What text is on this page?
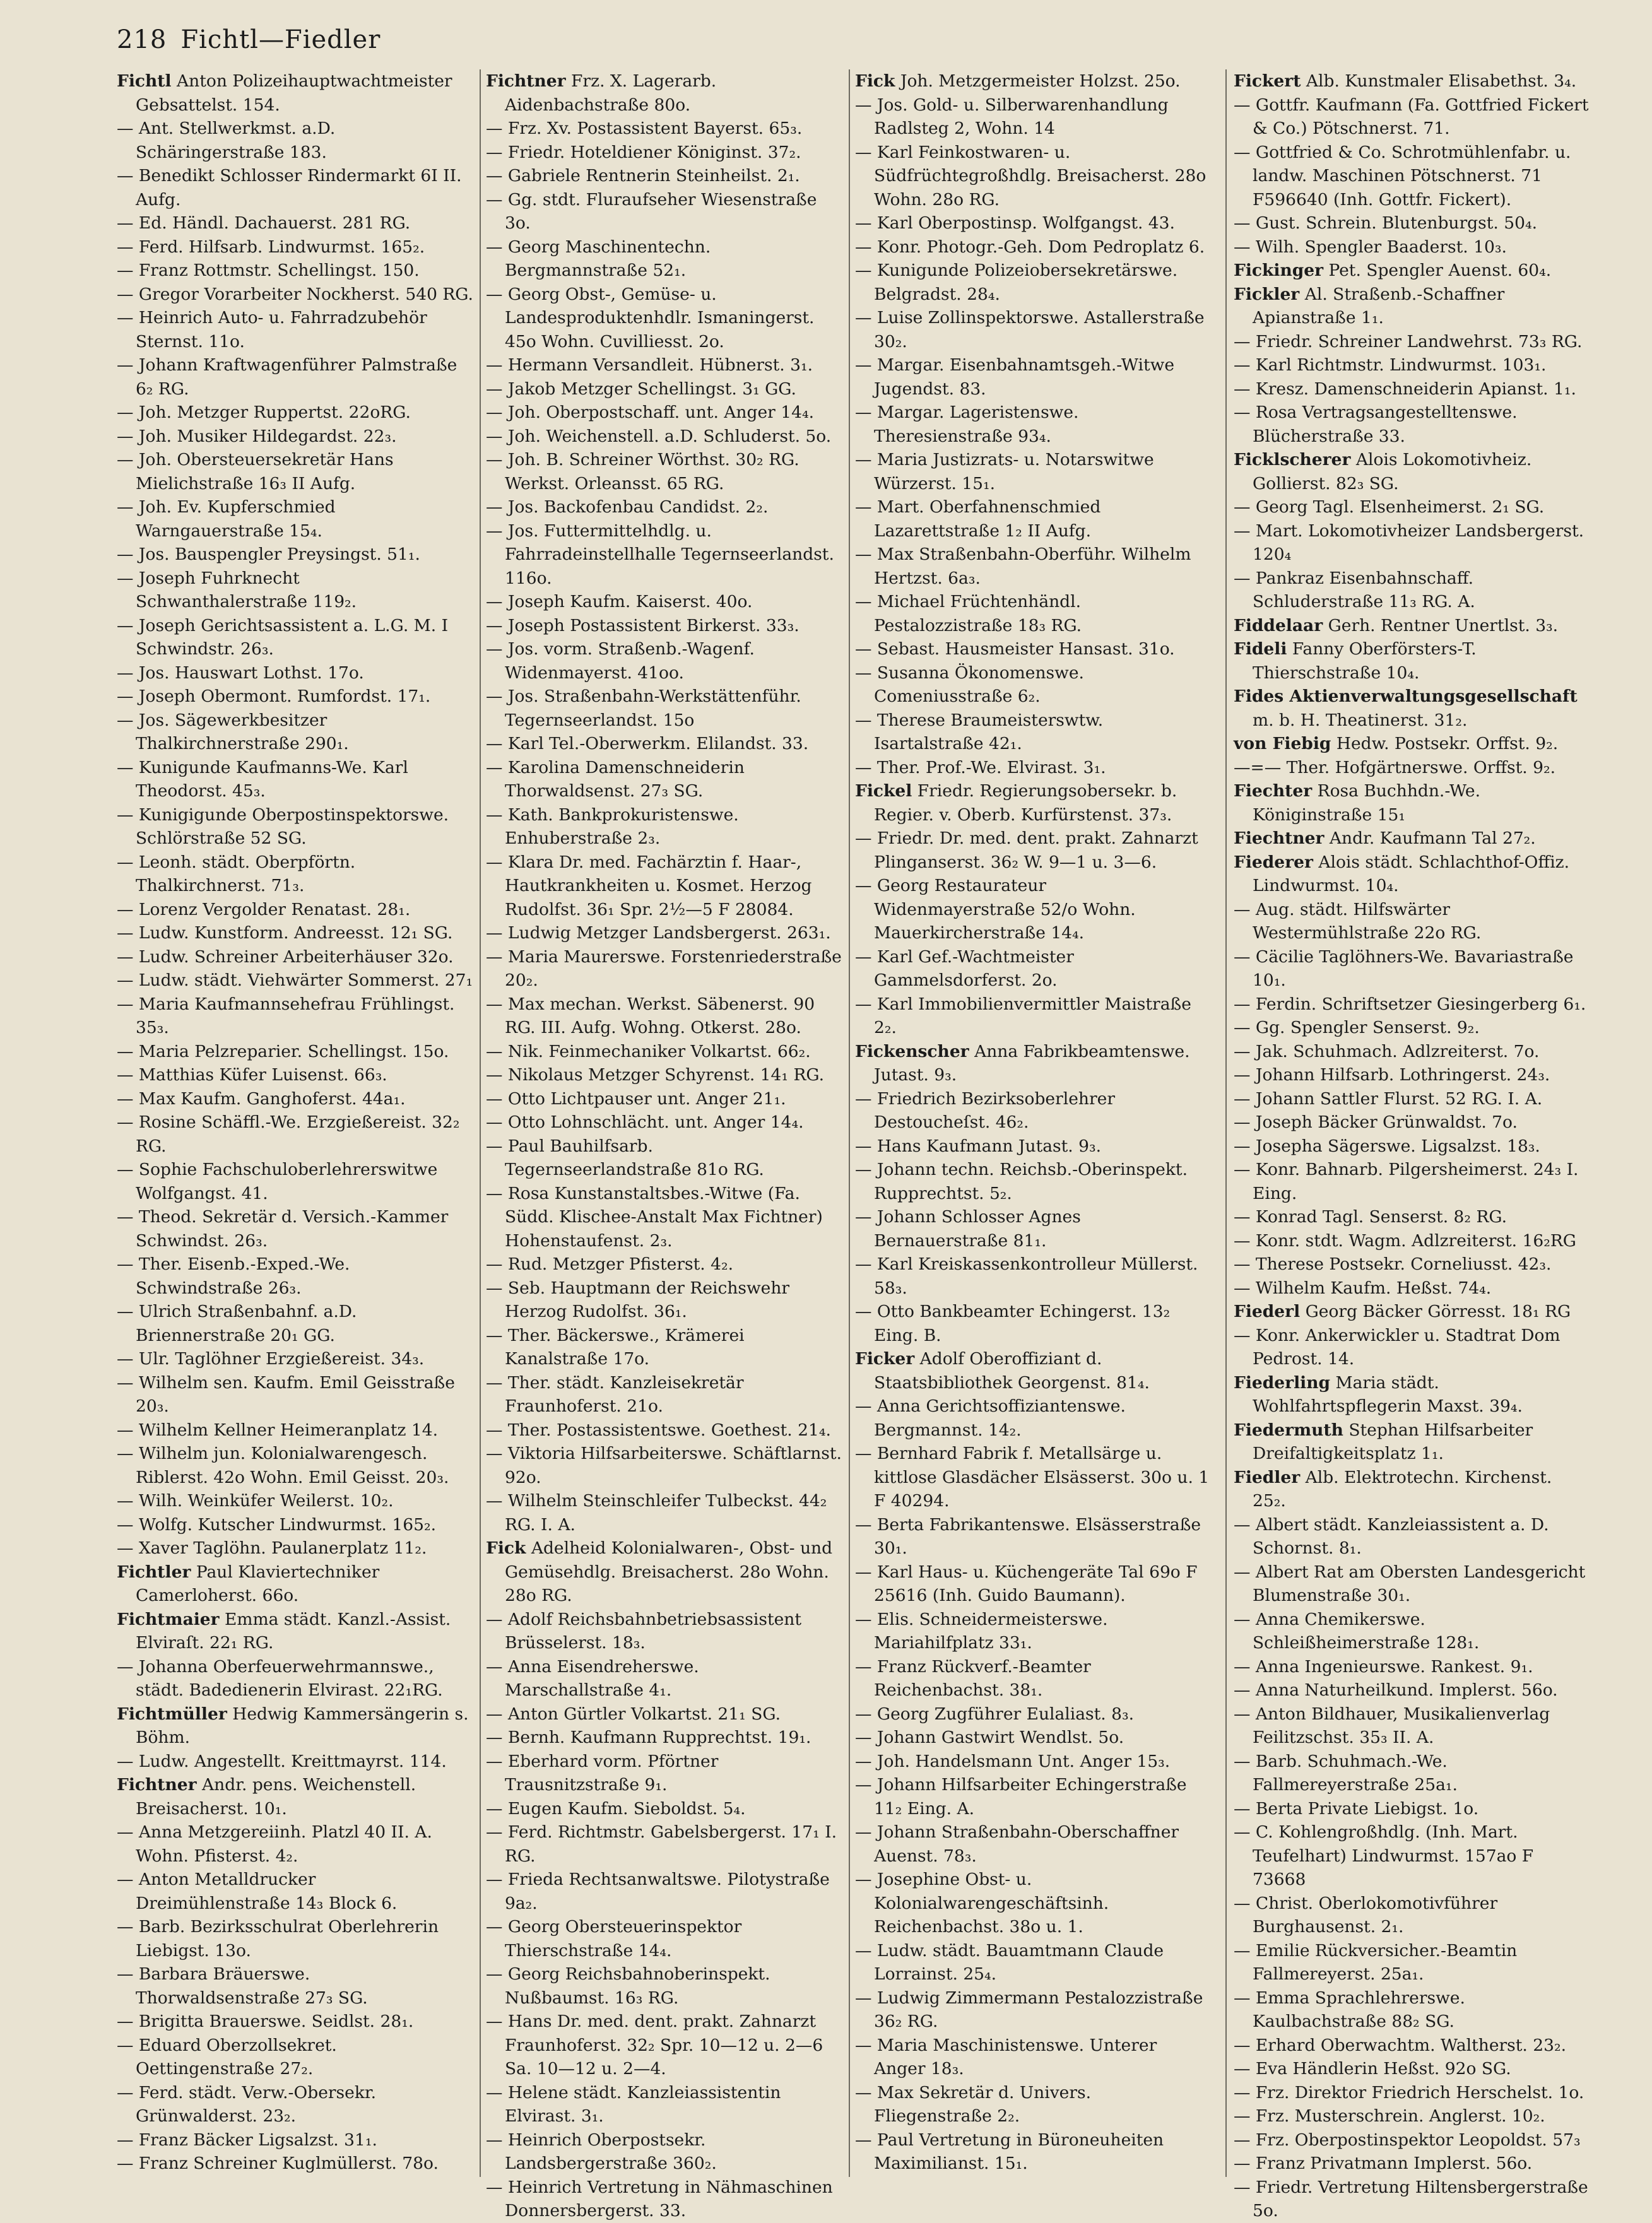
218 Fichtl—Fiedler

Fichtl Anton Polizeihauptwachtmeister Gebsattelst. 154.

— Ant. Stellwerkmst. a.D. Schäringerstraße 183.

— Benedikt Schlosser Rindermarkt 6I II. Aufg.

— Ed. Händl. Dachauerst. 281 RG.

— Ferd. Hilfsarb. Lindwurmst. 165₂.

— Franz Rottmstr. Schellingst. 150.

— Gregor Vorarbeiter Nockherst. 540 RG.

— Heinrich Auto- u. Fahrradzubehör Sternst. 11o.

— Johann Kraftwagenführer Palmstraße 6₂ RG.

— Joh. Metzger Ruppertst. 22oRG.

— Joh. Musiker Hildegardst. 22₃.

— Joh. Obersteuersekretär Hans Mielichstraße 16₃ II Aufg.

— Joh. Ev. Kupferschmied Warngauerstraße 15₄.

— Jos. Bauspengler Preysingst. 51₁.

— Joseph Fuhrknecht Schwanthalerstraße 119₂.

— Joseph Gerichtsassistent a. L.G. M. I Schwindstr. 26₃.

— Jos. Hauswart Lothst. 17o.

— Joseph Obermont. Rumfordst. 17₁.

— Jos. Sägewerkbesitzer Thalkirchnerstraße 290₁.

— Kunigunde Kaufmanns-We. Karl Theodorst. 45₃.

— Kunigigunde Oberpostinspektorswe. Schlörstraße 52 SG.

— Leonh. städt. Oberpförtn. Thalkirchnerst. 71₃.

— Lorenz Vergolder Renatast. 28₁.

— Ludw. Kunstform. Andreesst. 12₁ SG.

— Ludw. Schreiner Arbeiterhäuser 32o.

— Ludw. städt. Viehwärter Sommerst. 27₁

— Maria Kaufmannsehefrau Frühlingst. 35₃.

— Maria Pelzreparier. Schellingst. 15o.

— Matthias Küfer Luisenst. 66₃.

— Max Kaufm. Ganghoferst. 44a₁.

— Rosine Schäffl.-We. Erzgießereist. 32₂ RG.

— Sophie Fachschuloberlehrerswitwe Wolfgangst. 41.

— Theod. Sekretär d. Versich.-Kammer Schwindst. 26₃.

— Ther. Eisenb.-Exped.-We. Schwindstraße 26₃.

— Ulrich Straßenbahnf. a.D. Briennerstraße 20₁ GG.

— Ulr. Taglöhner Erzgießereist. 34₃.

— Wilhelm sen. Kaufm. Emil Geisstraße 20₃.

— Wilhelm Kellner Heimeranplatz 14.

— Wilhelm jun. Kolonialwarengesch. Riblerst. 42o Wohn. Emil Geisst. 20₃.

— Wilh. Weinküfer Weilerst. 10₂.

— Wolfg. Kutscher Lindwurmst. 165₂.

— Xaver Taglöhn. Paulanerplatz 11₂.

Fichtler Paul Klaviertechniker Camerloherst. 66o.

Fichtmaier Emma städt. Kanzl.-Assist. Elviraſt. 22₁ RG.

— Johanna Oberfeuerwehrmannswe., städt. Badedienerin Elvirast. 22₁RG.

Fichtmüller Hedwig Kammersängerin s. Böhm.

— Ludw. Angestellt. Kreittmayrst. 114.

Fichtner Andr. pens. Weichenstell. Breisacherst. 10₁.

— Anna Metzgereiinh. Platzl 40 II. A. Wohn. Pfisterst. 4₂.

— Anton Metalldrucker Dreimühlenstraße 14₃ Block 6.

— Barb. Bezirksschulrat Oberlehrerin Liebigst. 13o.

— Barbara Bräuerswe. Thorwaldsenstraße 27₃ SG.

— Brigitta Brauerswe. Seidlst. 28₁.

— Eduard Oberzollsekret. Oettingenstraße 27₂.

— Ferd. städt. Verw.-Obersekr. Grünwalderst. 23₂.

— Franz Bäcker Ligsalzst. 31₁.

— Franz Schreiner Kuglmüllerst. 78o.

Fichtner Frz. X. Lagerarb. Aidenbachstraße 80o.

— Frz. Xv. Postassistent Bayerst. 65₃.

— Friedr. Hoteldiener Königinst. 37₂.

— Gabriele Rentnerin Steinheilst. 2₁.

— Gg. stdt. Fluraufseher Wiesenstraße 3o.

— Georg Maschinentechn. Bergmannstraße 52₁.

— Georg Obst-, Gemüse- u. Landesproduktenhdlr. Ismaningerst. 45o Wohn. Cuvilliesst. 2o.

— Hermann Versandleit. Hübnerst. 3₁.

— Jakob Metzger Schellingst. 3₁ GG.

— Joh. Oberpostschaff. unt. Anger 14₄.

— Joh. Weichenstell. a.D. Schluderst. 5o.

— Joh. B. Schreiner Wörthst. 30₂ RG. Werkst. Orleansst. 65 RG.

— Jos. Backofenbau Candidst. 2₂.

— Jos. Futtermittelhdlg. u. Fahrradeinstellhalle Tegernseerlandst. 116o.

— Joseph Kaufm. Kaiserst. 40o.

— Joseph Postassistent Birkerst. 33₃.

— Jos. vorm. Straßenb.-Wagenf. Widenmayerst. 41oo.

— Jos. Straßenbahn-Werkstättenführ. Tegernseerlandst. 15o

— Karl Tel.-Oberwerkm. Elilandst. 33.

— Karolina Damenschneiderin Thorwaldsenst. 27₃ SG.

— Kath. Bankprokuristenswe. Enhuberstraße 2₃.

— Klara Dr. med. Fachärztin f. Haar-, Hautkrankheiten u. Kosmet. Herzog Rudolfst. 36₁ Spr. 2½—5 F 28084.

— Ludwig Metzger Landsbergerst. 263₁.

— Maria Maurerswe. Forstenriederstraße 20₂.

— Max mechan. Werkst. Säbenerst. 90 RG. III. Aufg. Wohng. Otkerst. 28o.

— Nik. Feinmechaniker Volkartst. 66₂.

— Nikolaus Metzger Schyrenst. 14₁ RG.

— Otto Lichtpauser unt. Anger 21₁.

— Otto Lohnschlächt. unt. Anger 14₄.

— Paul Bauhilfsarb. Tegernseerlandstraße 81o RG.

— Rosa Kunstanstaltsbes.-Witwe (Fa. Südd. Klischee-Anstalt Max Fichtner) Hohenstaufenst. 2₃.

— Rud. Metzger Pfisterst. 4₂.

— Seb. Hauptmann der Reichswehr Herzog Rudolfst. 36₁.

— Ther. Bäckerswe., Krämerei Kanalstraße 17o.

— Ther. städt. Kanzleisekretär Fraunhoferst. 21o.

— Ther. Postassistentswe. Goethest. 21₄.

— Viktoria Hilfsarbeiterswe. Schäftlarnst. 92o.

— Wilhelm Steinschleifer Tulbeckst. 44₂ RG. I. A.

Fick Adelheid Kolonialwaren-, Obst- und Gemüsehdlg. Breisacherst. 28o Wohn. 28o RG.

— Adolf Reichsbahnbetriebsassistent Brüsselerst. 18₃.

— Anna Eisendreherswe. Marschallstraße 4₁.

— Anton Gürtler Volkartst. 21₁ SG.

— Bernh. Kaufmann Rupprechtst. 19₁.

— Eberhard vorm. Pförtner Trausnitzstraße 9₁.

— Eugen Kaufm. Sieboldst. 5₄.

— Ferd. Richtmstr. Gabelsbergerst. 17₁ I. RG.

— Frieda Rechtsanwaltswe. Pilotystraße 9a₂.

— Georg Obersteuerinspektor Thierschstraße 14₄.

— Georg Reichsbahnoberinspekt. Nußbaumst. 16₃ RG.

— Hans Dr. med. dent. prakt. Zahnarzt Fraunhoferst. 32₂ Spr. 10—12 u. 2—6 Sa. 10—12 u. 2—4.

— Helene städt. Kanzleiassistentin Elvirast. 3₁.

— Heinrich Oberpostsekr. Landsbergerstraße 360₂.

— Heinrich Vertretung in Nähmaschinen Donnersbergerst. 33.

Fick Joh. Metzgermeister Holzst. 25o.

— Jos. Gold- u. Silberwarenhandlung Radlsteg 2, Wohn. 14

— Karl Feinkostwaren- u. Südfrüchtegroßhdlg. Breisacherst. 28o Wohn. 28o RG.

— Karl Oberpostinsp. Wolfgangst. 43.

— Konr. Photogr.-Geh. Dom Pedroplatz 6.

— Kunigunde Polizeiobersekretärswe. Belgradst. 28₄.

— Luise Zollinspektorswe. Astallerstraße 30₂.

— Margar. Eisenbahnamtsgeh.-Witwe Jugendst. 83.

— Margar. Lageristenswe. Theresienstraße 93₄.

— Maria Justizrats- u. Notarswitwe Würzerst. 15₁.

— Mart. Oberfahnenschmied Lazarettstraße 1₂ II Aufg.

— Max Straßenbahn-Oberführ. Wilhelm Hertzst. 6a₃.

— Michael Früchtenhändl. Pestalozzistraße 18₃ RG.

— Sebast. Hausmeister Hansast. 31o.

— Susanna Ökonomenswe. Comeniusstraße 6₂.

— Therese Braumeisterswtw. Isartalstraße 42₁.

— Ther. Prof.-We. Elvirast. 3₁.

Fickel Friedr. Regierungsobersekr. b. Regier. v. Oberb. Kurfürstenst. 37₃.

— Friedr. Dr. med. dent. prakt. Zahnarzt Plinganserst. 36₂ W. 9—1 u. 3—6.

— Georg Restaurateur Widenmayerstraße 52/o Wohn. Mauerkircherstraße 14₄.

— Karl Gef.-Wachtmeister Gammelsdorferst. 2o.

— Karl Immobilienvermittler Maistraße 2₂.

Fickenscher Anna Fabrikbeamtenswe. Jutast. 9₃.

— Friedrich Bezirksoberlehrer Destoucheſst. 46₂.

— Hans Kaufmann Jutast. 9₃.

— Johann techn. Reichsb.-Oberinspekt. Rupprechtst. 5₂.

— Johann Schlosser Agnes Bernauerstraße 81₁.

— Karl Kreiskassenkontrolleur Müllerst. 58₃.

— Otto Bankbeamter Echingerst. 13₂ Eing. B.

Ficker Adolf Oberoffiziant d. Staatsbibliothek Georgenst. 81₄.

— Anna Gerichtsoffiziantenswe. Bergmannst. 14₂.

— Bernhard Fabrik f. Metallsärge u. kittlose Glasdächer Elsässerst. 30o u. 1 F 40294.

— Berta Fabrikantenswe. Elsässerstraße 30₁.

— Karl Haus- u. Küchengeräte Tal 69o F 25616 (Inh. Guido Baumann).

— Elis. Schneidermeisterswe. Mariahilfplatz 33₁.

— Franz Rückverf.-Beamter Reichenbachst. 38₁.

— Georg Zugführer Eulaliast. 8₃.

— Johann Gastwirt Wendlst. 5o.

— Joh. Handelsmann Unt. Anger 15₃.

— Johann Hilfsarbeiter Echingerstraße 11₂ Eing. A.

— Johann Straßenbahn-Oberschaffner Auenst. 78₃.

— Josephine Obst- u. Kolonialwarengeschäftsinh. Reichenbachst. 38o u. 1.

— Ludw. städt. Bauamtmann Claude Lorrainst. 25₄.

— Ludwig Zimmermann Pestalozzistraße 36₂ RG.

— Maria Maschinistenswe. Unterer Anger 18₃.

— Max Sekretär d. Univers. Fliegenstraße 2₂.

— Paul Vertretung in Büroneuheiten Maximilianst. 15₁.

Fickert Alb. Kunstmaler Elisabethst. 3₄.

— Gottfr. Kaufmann (Fa. Gottfried Fickert & Co.) Pötschnerst. 71.

— Gottfried & Co. Schrotmühlenfabr. u. landw. Maschinen Pötschnerst. 71 F596640 (Inh. Gottfr. Fickert).

— Gust. Schrein. Blutenburgst. 50₄.

— Wilh. Spengler Baaderst. 10₃.

Fickinger Pet. Spengler Auenst. 60₄.

Fickler Al. Straßenb.-Schaffner Apianstraße 1₁.

— Friedr. Schreiner Landwehrst. 73₃ RG.

— Karl Richtmstr. Lindwurmst. 103₁.

— Kresz. Damenschneiderin Apianst. 1₁.

— Rosa Vertragsangestelltenswe. Blücherstraße 33.

Ficklscherer Alois Lokomotivheiz. Gollierst. 82₃ SG.

— Georg Tagl. Elsenheimerst. 2₁ SG.

— Mart. Lokomotivheizer Landsbergerst. 120₄

— Pankraz Eisenbahnschaff. Schluderstraße 11₃ RG. A.

Fiddelaar Gerh. Rentner Unertlst. 3₃.

Fideli Fanny Oberförsters-T. Thierschstraße 10₄.

Fides Aktienverwaltungsgesellschaft m. b. H. Theatinerst. 31₂.

von Fiebig Hedw. Postsekr. Orffst. 9₂.

—=— Ther. Hofgärtnerswe. Orffst. 9₂.

Fiechter Rosa Buchhdn.-We. Königinstraße 15₁

Fiechtner Andr. Kaufmann Tal 27₂.

Fiederer Alois städt. Schlachthof-Offiz. Lindwurmst. 10₄.

— Aug. städt. Hilfswärter Westermühlstraße 22o RG.

— Cäcilie Taglöhners-We. Bavariastraße 10₁.

— Ferdin. Schriftsetzer Giesingerberg 6₁.

— Gg. Spengler Senserst. 9₂.

— Jak. Schuhmach. Adlzreiterst. 7o.

— Johann Hilfsarb. Lothringerst. 24₃.

— Johann Sattler Flurst. 52 RG. I. A.

— Joseph Bäcker Grünwaldst. 7o.

— Josepha Sägerswe. Ligsalzst. 18₃.

— Konr. Bahnarb. Pilgersheimerst. 24₃ I. Eing.

— Konrad Tagl. Senserst. 8₂ RG.

— Konr. stdt. Wagm. Adlzreiterst. 16₂RG

— Therese Postsekr. Corneliusst. 42₃.

— Wilhelm Kaufm. Heßst. 74₄.

Fiederl Georg Bäcker Görresst. 18₁ RG

— Konr. Ankerwickler u. Stadtrat Dom Pedrost. 14.

Fiederling Maria städt. Wohlfahrtspflegerin Maxst. 39₄.

Fiedermuth Stephan Hilfsarbeiter Dreifaltigkeitsplatz 1₁.

Fiedler Alb. Elektrotechn. Kirchenst. 25₂.

— Albert städt. Kanzleiassistent a. D. Schornst. 8₁.

— Albert Rat am Obersten Landesgericht Blumenstraße 30₁.

— Anna Chemikerswe. Schleißheimerstraße 128₁.

— Anna Ingenieurswe. Rankest. 9₁.

— Anna Naturheilkund. Implerst. 56o.

— Anton Bildhauer, Musikalienverlag Feilitzschst. 35₃ II. A.

— Barb. Schuhmach.-We. Fallmereyerstraße 25a₁.

— Berta Private Liebigst. 1o.

— C. Kohlengroßhdlg. (Inh. Mart. Teufelhart) Lindwurmst. 157ao F 73668

— Christ. Oberlokomotivführer Burghausenst. 2₁.

— Emilie Rückversicher.-Beamtin Fallmereyerst. 25a₁.

— Emma Sprachlehrerswe. Kaulbachstraße 88₂ SG.

— Erhard Oberwachtm. Waltherst. 23₂.

— Eva Händlerin Heßst. 92o SG.

— Frz. Direktor Friedrich Herschelst. 1o.

— Frz. Musterschrein. Anglerst. 10₂.

— Frz. Oberpostinspektor Leopoldst. 57₃

— Franz Privatmann Implerst. 56o.

— Friedr. Vertretung Hiltensbergerstraße 5o.
